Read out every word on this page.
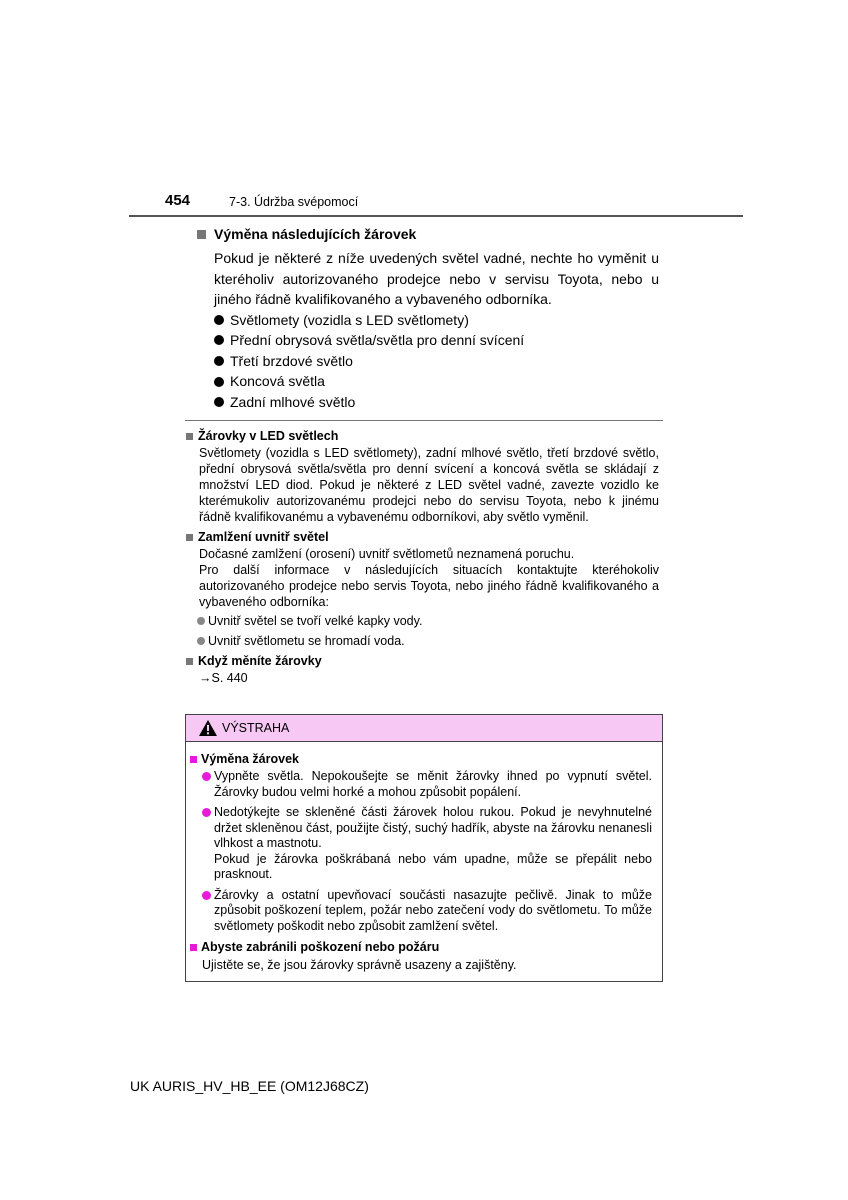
454	7-3. Údržba svépomocí
Výměna následujících žárovek
Pokud je některé z níže uvedených světel vadné, nechte ho vyměnit u kteréholiv autorizovaného prodejce nebo v servisu Toyota, nebo u jiného řádně kvalifikovaného a vybaveného odborníka.
Světlomety (vozidla s LED světlomety)
Přední obrysová světla/světla pro denní svícení
Třetí brzdové světlo
Koncová světla
Zadní mlhové světlo
Žárovky v LED světlech
Světlomety (vozidla s LED světlomety), zadní mlhové světlo, třetí brzdové světlo, přední obrysová světla/světla pro denní svícení a koncová světla se skládají z množství LED diod. Pokud je některé z LED světel vadné, zavezte vozidlo ke kterémukoliv autorizovanému prodejci nebo do servisu Toyota, nebo k jinému řádně kvalifikovanému a vybavenému odborníkovi, aby světlo vyměnil.
Zamlžení uvnitř světel
Dočasné zamlžení (orosení) uvnitř světlometů neznamená poruchu.
Pro další informace v následujících situacích kontaktujte kteréhokoliv autorizovaného prodejce nebo servis Toyota, nebo jiného řádně kvalifikovaného a vybaveného odborníka:
Uvnitř světel se tvoří velké kapky vody.
Uvnitř světlometu se hromadí voda.
Když měníte žárovky
→S. 440
VÝSTRAHA
Výměna žárovek
Vypněte světla. Nepokoušejte se měnit žárovky ihned po vypnutí světel. Žárovky budou velmi horké a mohou způsobit popálení.
Nedotýkejte se skleněné části žárovek holou rukou. Pokud je nevyhnutelné držet skleněnou část, použijte čistý, suchý hadřík, abyste na žárovku nenanesli vlhkost a mastnotu.
Pokud je žárovka poškrábaná nebo vám upadne, může se přepálit nebo prasknout.
Žárovky a ostatní upevňovací součásti nasazujte pečlivě. Jinak to může způsobit poškození teplem, požár nebo zatečení vody do světlometu. To může světlomety poškodit nebo způsobit zamlžení světel.
Abyste zabránili poškození nebo požáru
Ujistěte se, že jsou žárovky správně usazeny a zajištěny.
UK AURIS_HV_HB_EE (OM12J68CZ)
